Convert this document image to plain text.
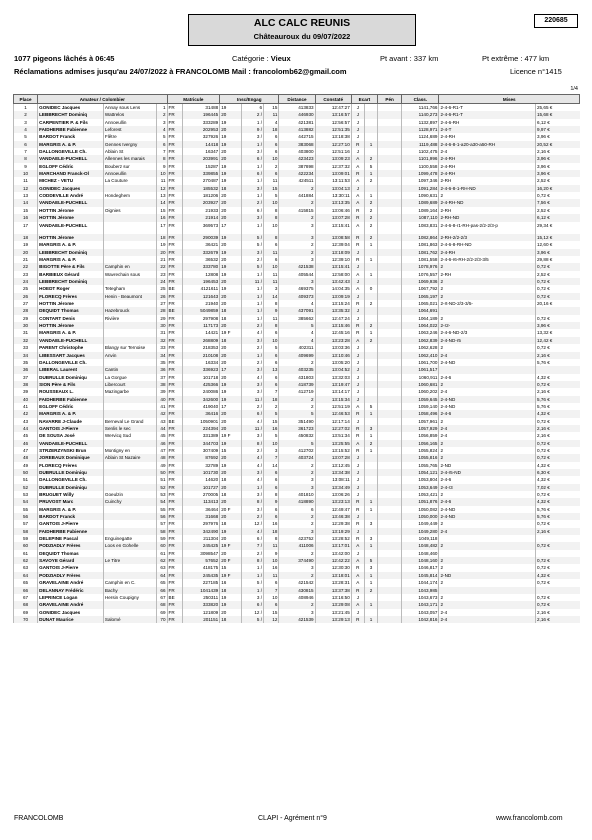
ALC CALC REUNIS
Châteauroux du 09/07/2022
220685
1077 pigeons lâchés à 06:45	Catégorie : Vieux	Pt avant : 337 km	Pt extrême : 477 km
Réclamations admises jusqu'au 24/07/2022 à FRANCOLOMB Mail : francolomb62@gmail.com	Licence n°1415
1/4
Place	Amateur / Colombier			Matricule		Insc/Engag			Distance	Constaté	Ecart		Pén	Class.	Mises	
1	GONIDEC Jacques	Annay sous Lens	1	FR	31488	19	6	15	413833	12:47:27	J			1141,766	2-4-6-R1-T	25,65 €
2	LEBBRECHT Dominiq	Wattrelos	2	FR	196445	20	2 /	11	446930	13:16:57	J			1140,273	2-4-6-R1-T	15,68 €
3	CARPENTIER P. & Fils	Annoeullin	3	FR	333289	19	1 /	4	421381	12:56:57	J			1132,897	2-4-6-RH	6,12 €
4	FAIDHERBE Fabienne	Leforest	4	FR	202953	20	9 /	18	413882	12:51:35	J			1128,971	2-4-T	9,97 €
5	BARDOT Franck	Flêtre	5	FR	327926	19	3 /	6	442715	13:18:38	J			1124,689	2-4-RH	3,96 €
6	MARGRIS A. & P.	Gennes Ivergny	6	FR	14418	19	1 /	6	383068	12:27:10	R	1		1119,488	2-4-6-8-1-a20-a30-a50-RH	20,52 €
7	DALLONGEVILLE Ch.	Ablain St	7	FR	16347	20	3 /	6	403800	12:51:16	J			1102,475	2-4	2,16 €
8	VANDAELE-PUCHELL	Allennes les marais	8	FR	203991	20	6 /	10	423423	13:09:23	A	2		1101,996	2-4-RH	3,96 €
9	EGLOFF Cédric	Bouberz sur	9	FR	15287	19	1 /	2	387898	12:37:32	A	5		1100,558	2-4-RH	3,96 €
10	MARCHAND Franck-Ol	Annoeullin	10	FR	339855	19	6 /	6	422234	13:09:01	R	1		1099,478	2-4-RH	3,96 €
11	MICHEZ - VETU	La Couture	11	FR	270487	19	1 /	11	424511	13:11:53	A	2		1097,346	2-RH	2,52 €
12	GONIDEC Jacques		12	FR	185532	18	3 /	15	2	13:04:13	J			1091,284	2-4-6-8-1-RH-ND	16,20 €
13	CODDEVILLE André	Hondeghem	13	FR	181206	20	1 /	5	441884	13:30:11	A	1		1090,631	2	0,72 €
14	VANDAELE-PUCHELL		14	FR	203927	20	2 /	10	2	13:13:35	A	2		1089,689	2-4-RH-ND	7,56 €
15	HOTTIN Jérome	Oignies	15	FR	21933	20	6 /	8	415815	13:06:46	R	2		1089,164	2-RH	2,52 €
16	HOTTIN Jérome		16	FR	21914	20	3 /	8	2	13:07:28	R	2		1087,110	2-RH-ND	6,12 €
17	VANDAELE-PUCHELL		17	FR	369573	17	1 /	10	3	13:15:41	A	2		1083,831	2-4-6-8-r1-RH-pas-2/2-2/3-p	29,34 €
18	HOTTIN Jérome		18	FR	290039	19	5 /	8	3	13:08:58	R	2		1082,864	2-RH-2/2-2/3	15,12 €
19	MARGRIS A. & P.		19	FR	36421	20	5 /	6	2	12:39:04	R	1		1081,863	2-4-6-8-RH-ND	12,60 €
20	LEBBRECHT Dominiq		20	FR	332679	19	3 /	11	2	13:18:09	J			1081,762	2-4-RH	3,96 €
21	MARGRIS A. & P.		21	FR	36532	20	2 /	6	3	12:39:10	R	1		1081,558	2-4-6-r6-RH-2/2-2/3-3/5	29,88 €
22	BIGOTTE Père & Fils	Camphin en	22	FR	333780	19	5 /	10	421538	13:15:41	J			1078,976	2	0,72 €
23	BARBIEUX Gérard	Wavrechain sous	23	FR	12808	19	1 /	11	405544	12:58:00	A	1		1076,557	2-RH	2,52 €
24	LEBBRECHT Dominiq		24	FR	196453	20	11 /	11	3	13:42:43	J			1069,936	2	0,72 €
25	HOEDT Roger	Tetegham	25	BE	4121611	19	1 /	3	469375	14:04:35	A	0		1067,792	2	0,72 €
26	FLORECQ Frères	Henin - Beaumont	26	FR	121643	20	1 /	14	409373	13:09:19	J			1065,197	2	0,72 €
27	HOTTIN Jérome		27	FR	21940	20	1 /	8	4	13:15:24	R	2		1065,021	2-rt-ND-2/3-3/5-	20,16 €
28	DEQUIDT Thomas	Hazebrouck	28	BE	5049859	18	1 /	9	437091	13:35:32	J			1064,691		
29	CONTART Denis	Rivière	29	FR	297908	18	1 /	11	385662	12:47:24	J			1064,189	2	0,72 €
30	HOTTIN Jérome		30	FR	117173	20	2 /	8	5	13:15:46	R	2		1064,022	2-r2-	3,96 €
31	MARGRIS A. & P.		31	FR	14421	19 F	4 /	6	4	12:45:16	R	1		1063,246	2-4-6-ND-2/3	13,32 €
32	VANDAELE-PUCHELL		32	FR	268809	18	3 /	10	4	13:23:28	A	2		1062,839	2-4-ND-r5	12,42 €
33	PARENT Christophe	Blangy sur Ternoise	33	FR	218353	20	2 /	5	402311	13:03:36	J			1062,628	2	0,72 €
34	LIBESSART Jacques	Anvin	34	FR	210108	20	1 /	6	409699	13:10:46	J			1062,410	2-4	2,16 €
35	DALLONGEVILLE Ch.		35	FR	16334	20	2 /	6	2	13:05:20	J			1061,700	2-4-ND	5,76 €
36	LIBERAL Laurent	Cantin	36	FR	336923	17	3 /	13	403235	13:04:52	J			1061,517		
37	DUBRULLE Dominiqu	La Gorgue	37	FR	101718	20	4 /	6	431803	13:32:03	J			1060,911	2-4-6	4,32 €
38	SION Père & Fils	Libercourt	38	FR	425366	19	3 /	6	418739	13:19:47	J			1060,681	2	0,72 €
39	ROUSSEAUX L.	Mazingarbe	39	FR	240086	19	3 /	7	412719	13:14:17	J			1060,202	2-4	2,16 €
40	FAIDHERBE Fabienne		40	FR	342600	19	11 /	18	2	13:15:34	J			1059,645	2-4-ND	5,76 €
41	EGLOFF Cédric		41	FR	419040	17	2 /	2	2	12:51:19	A	5		1059,140	2-4-ND	5,76 €
42	MARGRIS A. & P.		42	FR	36416	20	6 /	5	5	12:46:53	R	1		1058,496	2-4-6	4,32 €
43	NAVARRE J-Claude	Berneval Le Grand	43	BE	1050901	20	4 /	15	351490	12:17:14	J			1057,961	2	0,72 €
44	GANTOIS J-Pierre	Senlis le sec	44	FR	224394	20	11 /	16	361723	12:27:02	R	3		1057,929	2-4	2,16 €
45	DE SOUSA José	Wervicq Sud	45	FR	331389	19 F	3 /	5	450832	13:51:34	R	1		1056,859	2-4	2,16 €
46	VANDAELE-PUCHELL		46	FR	344703	19	8 /	10	5	13:25:55	A	2		1056,165	2	0,72 €
47	STRZERZYNSKI Brun	Montigny en	47	FR	307409	15	2 /	3	412702	13:15:52	R	1		1055,824	2	0,72 €
48	JOREBAUX Dominique	Ablain St Nazaire	48	FR	87692	20	4 /	7	403724	13:07:28	J			1055,816	2	0,72 €
49	FLORECQ Frères		49	FR	32789	19	4 /	14	2	13:12:45	J			1055,765	2-ND	4,32 €
50	DUBRULLE Dominiqu		50	FR	101730	20	3 /	6	2	13:34:38	J			1054,121	2-4-r5-ND	6,30 €
51	DALLONGEVILLE Ch.		51	FR	14620	18	4 /	6	3	13:08:11	J			1053,804	2-4-6	4,32 €
52	DUBRULLE Dominiqu		52	FR	101727	20	1 /	6	3	13:34:49	J			1053,649	2-4-r3	7,02 €
53	BRUGUET Willy	Goeulzin	53	FR	270005	18	3 /	8	401810	13:06:26	J			1053,421	2	0,72 €
54	PRUVOST Marc	Cuinchy	54	FR	113413	20	8 /	9	418890	13:23:13	R	1		1051,876	2-4-6	4,32 €
55	MARGRIS A. & P.		55	FR	36464	20 F	3 /	6	6	12:49:47	R	1		1050,082	2-4-ND	5,76 €
56	BARDOT Franck		56	FR	31668	20	2 /	6	2	13:46:38	J			1050,000	2-4-ND	5,76 €
57	GANTOIS J-Pierre		57	FR	297976	18	12 /	16	2	12:29:38	R	3		1049,449	2	0,72 €
58	FAIDHERBE Fabienne		58	FR	342490	19	4 /	18	3	13:19:29	J			1049,280	2-4	2,16 €
59	DELEPINE Pascal	Enguinegatte	59	FR	211304	20	6 /	8	423752	13:28:52	R	3		1049,118		
60	PODZIADLY Frères	Loos en Gohelle	60	FR	245425	19 F	7 /	11	411006	13:17:01	A	1		1048,482	2	0,72 €
61	DEQUIDT Thomas		61	FR	3098547	20	2 /	9	2	13:42:00	J			1048,460		
62	SAVOYE Gérard	Le Titre	62	FR	57652	20 F	8 /	10	374490	12:42:22	A	5		1048,160	2	0,72 €
63	GANTOIS J-Pierre		63	FR	418175	15	1 /	16	3	12:30:30	R	3		1046,817	2	0,72 €
64	PODZIADLY Frères		64	FR	245435	19 F	1 /	11	2	13:18:01	A	1		1045,814	2-ND	4,32 €
65	GRAVELAINE André	Camphin en C.	65	FR	227185	16	5 /	6	421542	13:28:31	A	1		1044,174	2	0,72 €
66	DELANNAY Frédéric	Bachy	66	FR	1041439	18	1 /	7	430815	13:37:38	R	2		1043,985		
67	LEPRINCE Logan	Hersin Coupigny	67	BE	250311	19	3 /	10	408946	13:16:50	J			1043,673	2	0,72 €
68	GRAVELAINE André		68	FR	333820	19	6 /	6	2	13:29:08	A	1		1043,171	2	0,72 €
69	GONIDEC Jacques		69	FR	121809	20	12 /	15	3	13:21:45	J			1043,057	2-4	2,16 €
70	DUNAT Maurice	Salomé	70	FR	201151	18	5 /	12	421539	13:29:13	R	1		1042,816	2-4	2,16 €
FRANCOLOMB	CLAPI - Agrément n°9	www.francolomb.com
